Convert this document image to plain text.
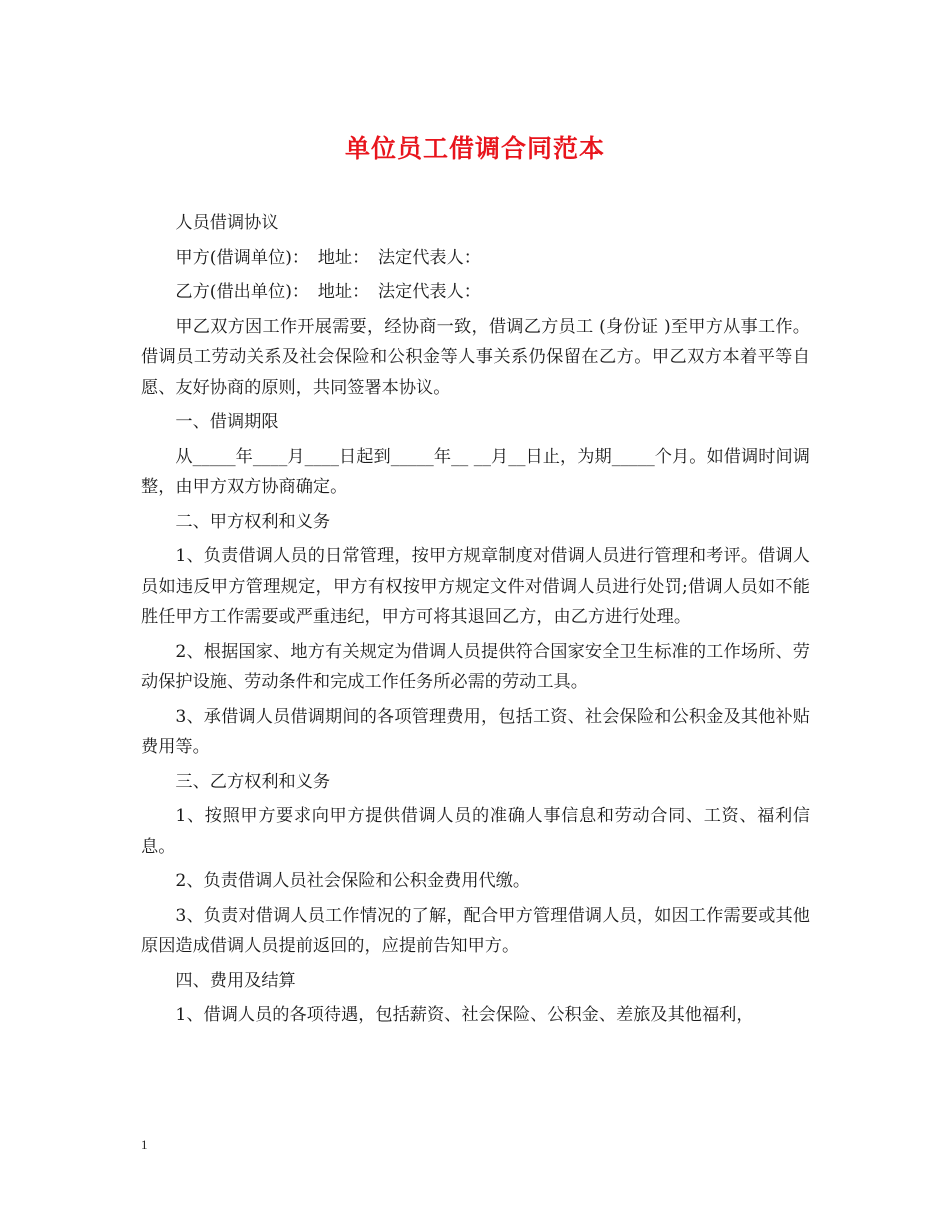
单位员工借调合同范本

人员借调协议

甲方(借调单位)：　地址：　法定代表人：

乙方(借出单位)：　地址：　法定代表人：

甲乙双方因工作开展需要，经协商一致，借调乙方员工 (身份证 )至甲方从事工作。借调员工劳动关系及社会保险和公积金等人事关系仍保留在乙方。甲乙双方本着平等自愿、友好协商的原则，共同签署本协议。

一、借调期限

从_____年____月____日起到_____年__ __月__日止，为期_____个月。如借调时间调整，由甲方双方协商确定。

二、甲方权利和义务

1、负责借调人员的日常管理，按甲方规章制度对借调人员进行管理和考评。借调人员如违反甲方管理规定，甲方有权按甲方规定文件对借调人员进行处罚;借调人员如不能胜任甲方工作需要或严重违纪，甲方可将其退回乙方，由乙方进行处理。

2、根据国家、地方有关规定为借调人员提供符合国家安全卫生标准的工作场所、劳动保护设施、劳动条件和完成工作任务所必需的劳动工具。

3、承借调人员借调期间的各项管理费用，包括工资、社会保险和公积金及其他补贴费用等。

三、乙方权利和义务

1、按照甲方要求向甲方提供借调人员的准确人事信息和劳动合同、工资、福利信息。

2、负责借调人员社会保险和公积金费用代缴。

3、负责对借调人员工作情况的了解，配合甲方管理借调人员，如因工作需要或其他原因造成借调人员提前返回的，应提前告知甲方。

四、费用及结算

1、借调人员的各项待遇，包括薪资、社会保险、公积金、差旅及其他福利，

1
